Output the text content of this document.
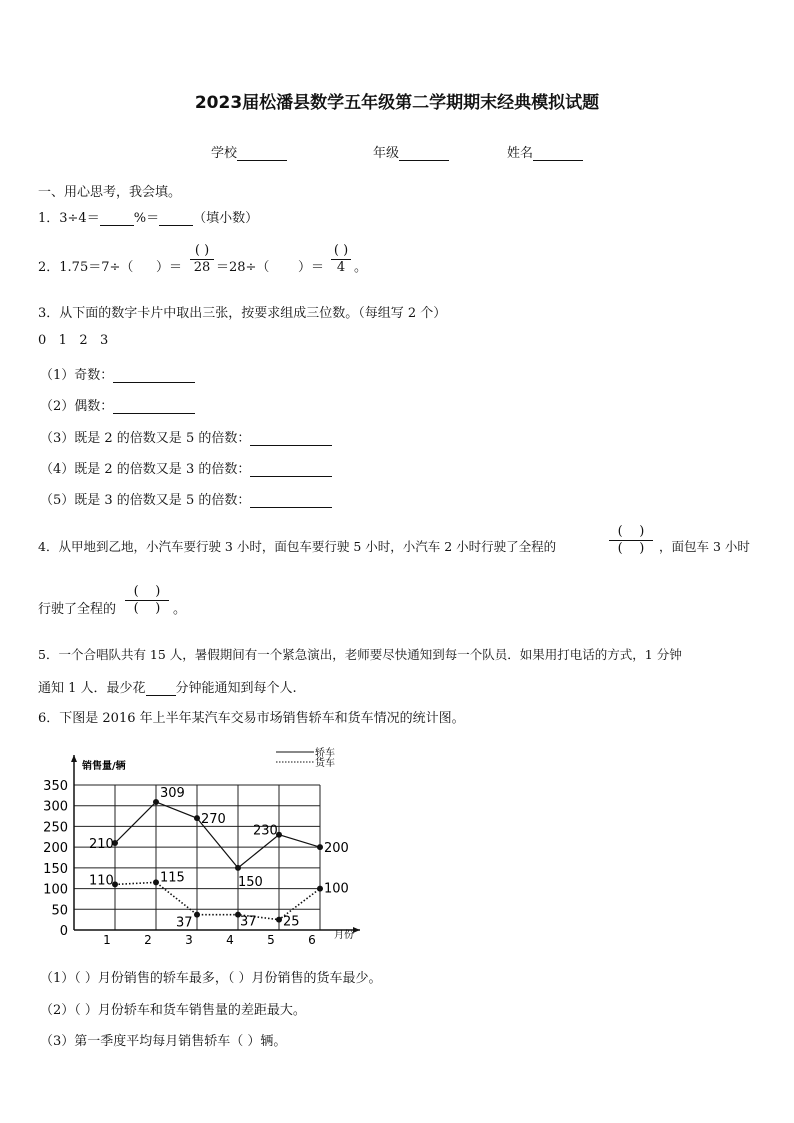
2023届松潘县数学五年级第二学期期末经典模拟试题
学校	年级	姓名
一、用心思考，我会填。
1．3÷4＝	%＝	（填小数）
2．1.75＝7÷（ ）＝
( )
28 ＝28÷（ ）＝
( )
4 。
3．从下面的数字卡片中取出三张，按要求组成三位数。（每组写 2 个）
0   1   2   3
（1）奇数：
（2）偶数：
（3）既是 2 的倍数又是 5 的倍数：
（4）既是 2 的倍数又是 3 的倍数：
（5）既是 3 的倍数又是 5 的倍数：
4．从甲地到乙地，小汽车要行驶 3 小时，面包车要行驶 5 小时，小汽车 2 小时行驶了全程的
(    )
(    )	，面包车 3 小时
行驶了全程的
(    )
(    ) 。
5．一个合唱队共有 15 人，暑假期间有一个紧急演出，老师要尽快通知到每一个队员．如果用打电话的方式，1 分钟
通知 1 人．最少花 分钟能通知到每个人.
6．下图是 2016 年上半年某汽车交易市场销售轿车和货车情况的统计图。
轿车
货车
0
50
100
150
200
250
300
350
1	2	3	4	5	6
销售量/辆
月份
210
309
270
150
230
200
110	115
37	37 25
100
（1）（ ）月份销售的轿车最多，（ ）月份销售的货车最少。
（2）（ ）月份轿车和货车销售量的差距最大。
（3）第一季度平均每月销售轿车（ ）辆。
